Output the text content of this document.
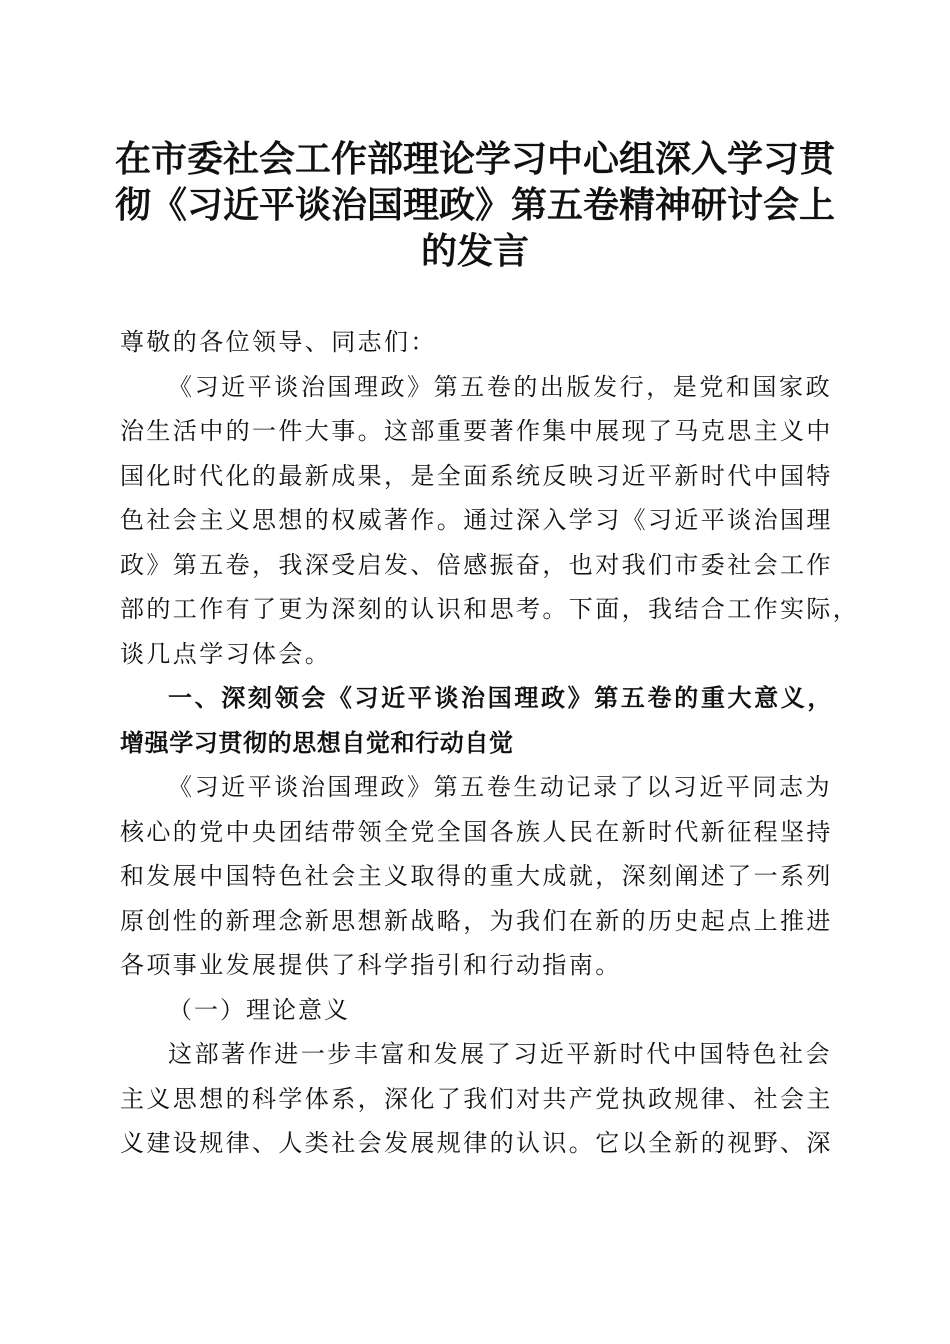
在市委社会工作部理论学习中心组深入学习贯
彻《习近平谈治国理政》第五卷精神研讨会上
的发言
尊敬的各位领导、同志们：
《习近平谈治国理政》第五卷的出版发行，是党和国家政
治生活中的一件大事。这部重要著作集中展现了马克思主义中
国化时代化的最新成果，是全面系统反映习近平新时代中国特
色社会主义思想的权威著作。通过深入学习《习近平谈治国理
政》第五卷，我深受启发、倍感振奋，也对我们市委社会工作
部的工作有了更为深刻的认识和思考。下面，我结合工作实际，
谈几点学习体会。
一、深刻领会《习近平谈治国理政》第五卷的重大意义，
增强学习贯彻的思想自觉和行动自觉
《习近平谈治国理政》第五卷生动记录了以习近平同志为
核心的党中央团结带领全党全国各族人民在新时代新征程坚持
和发展中国特色社会主义取得的重大成就，深刻阐述了一系列
原创性的新理念新思想新战略，为我们在新的历史起点上推进
各项事业发展提供了科学指引和行动指南。
（一）理论意义
这部著作进一步丰富和发展了习近平新时代中国特色社会
主义思想的科学体系，深化了我们对共产党执政规律、社会主
义建设规律、人类社会发展规律的认识。它以全新的视野、深
